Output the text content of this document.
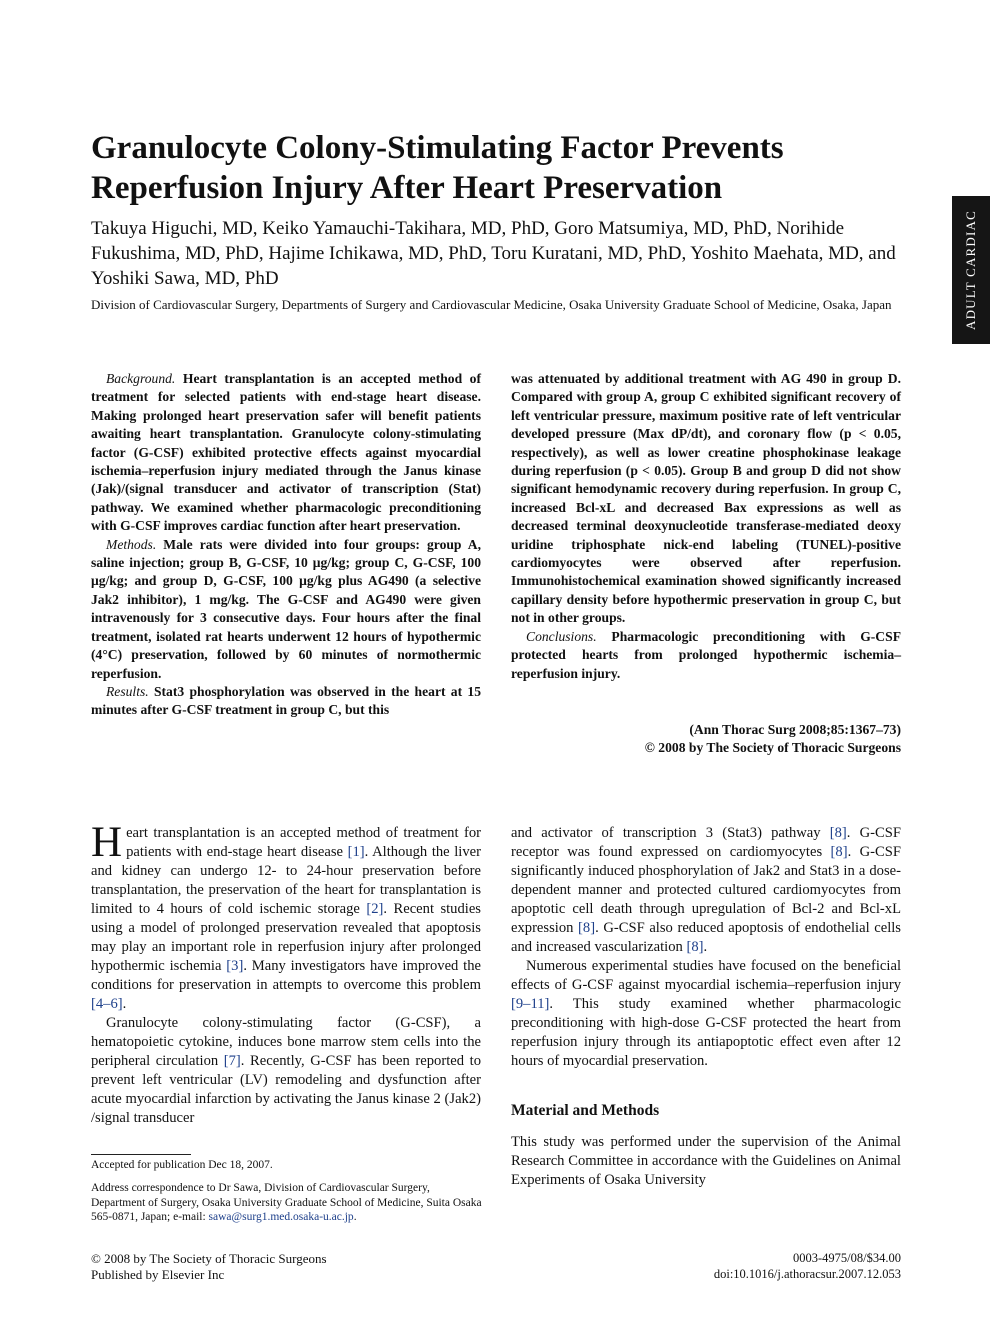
ADULT CARDIAC
Granulocyte Colony-Stimulating Factor Prevents Reperfusion Injury After Heart Preservation

Takuya Higuchi, MD, Keiko Yamauchi-Takihara, MD, PhD, Goro Matsumiya, MD, PhD, Norihide Fukushima, MD, PhD, Hajime Ichikawa, MD, PhD, Toru Kuratani, MD, PhD, Yoshito Maehata, MD, and Yoshiki Sawa, MD, PhD

Division of Cardiovascular Surgery, Departments of Surgery and Cardiovascular Medicine, Osaka University Graduate School of Medicine, Osaka, Japan

Background. Heart transplantation is an accepted method of treatment for selected patients with end-stage heart disease. Making prolonged heart preservation safer will benefit patients awaiting heart transplantation. Granulocyte colony-stimulating factor (G-CSF) exhibited protective effects against myocardial ischemia–reperfusion injury mediated through the Janus kinase (Jak)/(signal transducer and activator of transcription (Stat) pathway. We examined whether pharmacologic preconditioning with G-CSF improves cardiac function after heart preservation.

Methods. Male rats were divided into four groups: group A, saline injection; group B, G-CSF, 10 μg/kg; group C, G-CSF, 100 μg/kg; and group D, G-CSF, 100 μg/kg plus AG490 (a selective Jak2 inhibitor), 1 mg/kg. The G-CSF and AG490 were given intravenously for 3 consecutive days. Four hours after the final treatment, isolated rat hearts underwent 12 hours of hypothermic (4°C) preservation, followed by 60 minutes of normothermic reperfusion.

Results. Stat3 phosphorylation was observed in the heart at 15 minutes after G-CSF treatment in group C, but this

was attenuated by additional treatment with AG 490 in group D. Compared with group A, group C exhibited significant recovery of left ventricular pressure, maximum positive rate of left ventricular developed pressure (Max dP/dt), and coronary flow (p < 0.05, respectively), as well as lower creatine phosphokinase leakage during reperfusion (p < 0.05). Group B and group D did not show significant hemodynamic recovery during reperfusion. In group C, increased Bcl-xL and decreased Bax expressions as well as decreased terminal deoxynucleotide transferase-mediated deoxy uridine triphosphate nick-end labeling (TUNEL)-positive cardiomyocytes were observed after reperfusion. Immunohistochemical examination showed significantly increased capillary density before hypothermic preservation in group C, but not in other groups.

Conclusions. Pharmacologic preconditioning with G-CSF protected hearts from prolonged hypothermic ischemia–reperfusion injury.

(Ann Thorac Surg 2008;85:1367–73)

© 2008 by The Society of Thoracic Surgeons

Heart transplantation is an accepted method of treatment for patients with end-stage heart disease [1]. Although the liver and kidney can undergo 12- to 24-hour preservation before transplantation, the preservation of the heart for transplantation is limited to 4 hours of cold ischemic storage [2]. Recent studies using a model of prolonged preservation revealed that apoptosis may play an important role in reperfusion injury after prolonged hypothermic ischemia [3]. Many investigators have improved the conditions for preservation in attempts to overcome this problem [4–6].

Granulocyte colony-stimulating factor (G-CSF), a hematopoietic cytokine, induces bone marrow stem cells into the peripheral circulation [7]. Recently, G-CSF has been reported to prevent left ventricular (LV) remodeling and dysfunction after acute myocardial infarction by activating the Janus kinase 2 (Jak2) /signal transducer

and activator of transcription 3 (Stat3) pathway [8]. G-CSF receptor was found expressed on cardiomyocytes [8]. G-CSF significantly induced phosphorylation of Jak2 and Stat3 in a dose-dependent manner and protected cultured cardiomyocytes from apoptotic cell death through upregulation of Bcl-2 and Bcl-xL expression [8]. G-CSF also reduced apoptosis of endothelial cells and increased vascularization [8].

Numerous experimental studies have focused on the beneficial effects of G-CSF against myocardial ischemia–reperfusion injury [9–11]. This study examined whether pharmacologic preconditioning with high-dose G-CSF protected the heart from reperfusion injury through its antiapoptotic effect even after 12 hours of myocardial preservation.

Material and Methods

This study was performed under the supervision of the Animal Research Committee in accordance with the Guidelines on Animal Experiments of Osaka University

Accepted for publication Dec 18, 2007.

Address correspondence to Dr Sawa, Division of Cardiovascular Surgery, Department of Surgery, Osaka University Graduate School of Medicine, Suita Osaka 565-0871, Japan; e-mail: sawa@surg1.med.osaka-u.ac.jp.

© 2008 by The Society of Thoracic Surgeons
Published by Elsevier Inc
0003-4975/08/$34.00
doi:10.1016/j.athoracsur.2007.12.053
